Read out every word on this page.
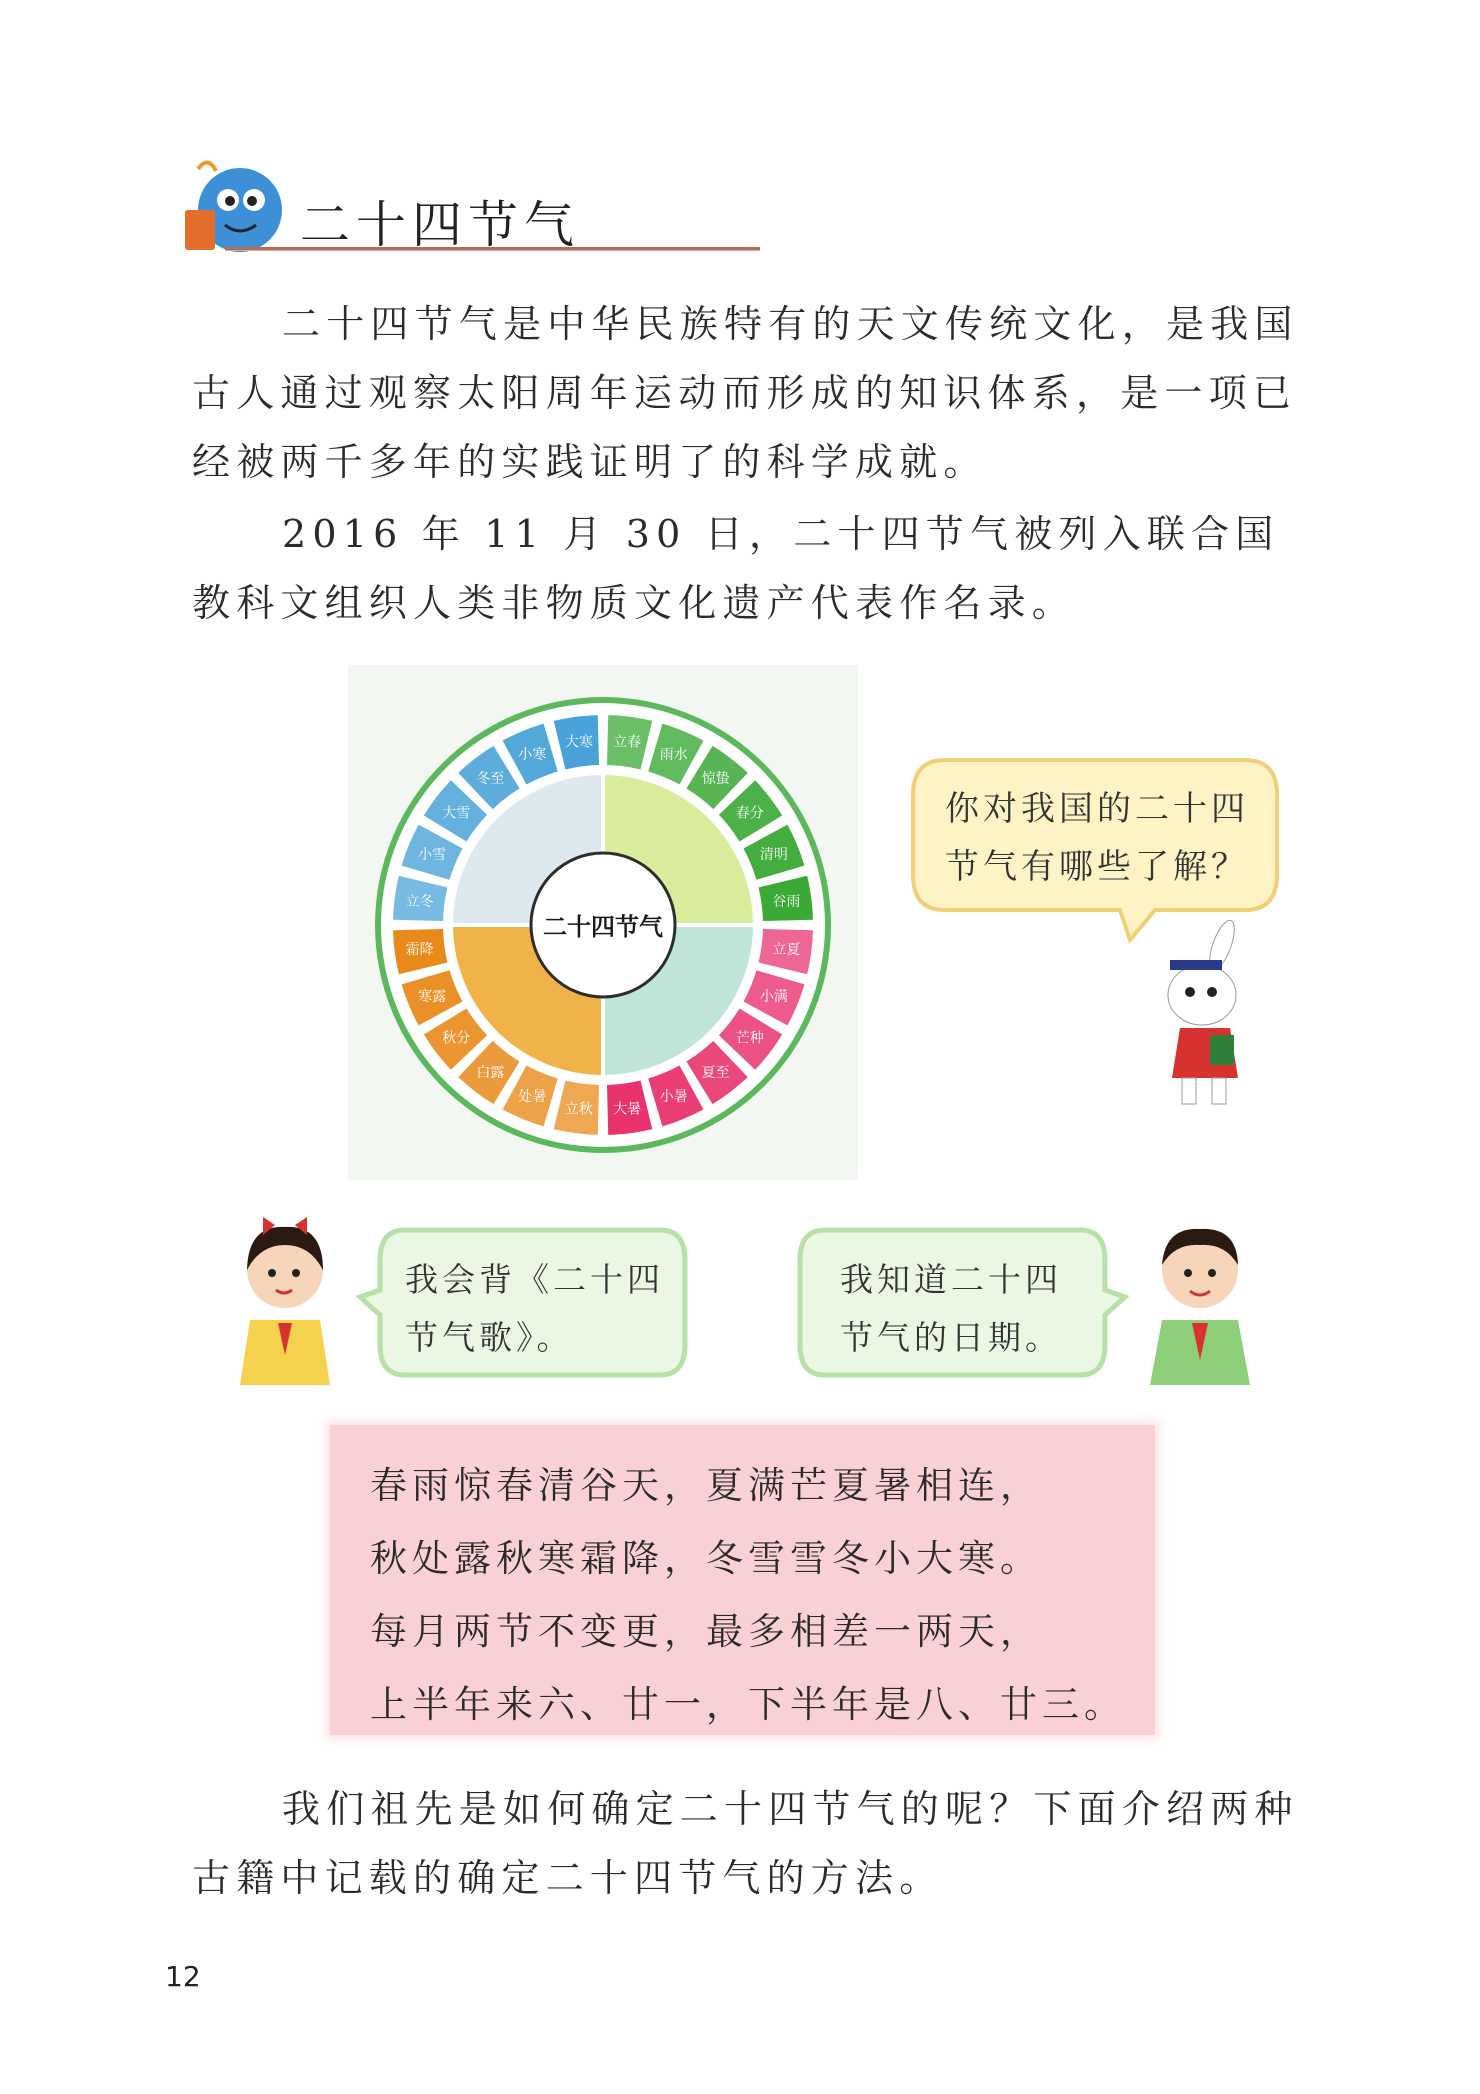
二十四节气
二十四节气是中华民族特有的天文传统文化，是我国古人通过观察太阳周年运动而形成的知识体系，是一项已经被两千多年的实践证明了的科学成就。
2016 年 11 月 30 日，二十四节气被列入联合国教科文组织人类非物质文化遗产代表作名录。
立春
雨水
惊蛰
春分
清明
谷雨
立夏
小满
芒种
夏至
小暑
大暑
立秋
处暑
白露
秋分
寒露
霜降
立冬
小雪
大雪
冬至
小寒
大寒
二十四节气
你对我国的二十四
节气有哪些了解？
我会背《二十四
节气歌》。
我知道二十四
节气的日期。
春雨惊春清谷天，夏满芒夏暑相连，
秋处露秋寒霜降，冬雪雪冬小大寒。
每月两节不变更，最多相差一两天，
上半年来六、廿一，下半年是八、廿三。
我们祖先是如何确定二十四节气的呢？下面介绍两种古籍中记载的确定二十四节气的方法。
12
